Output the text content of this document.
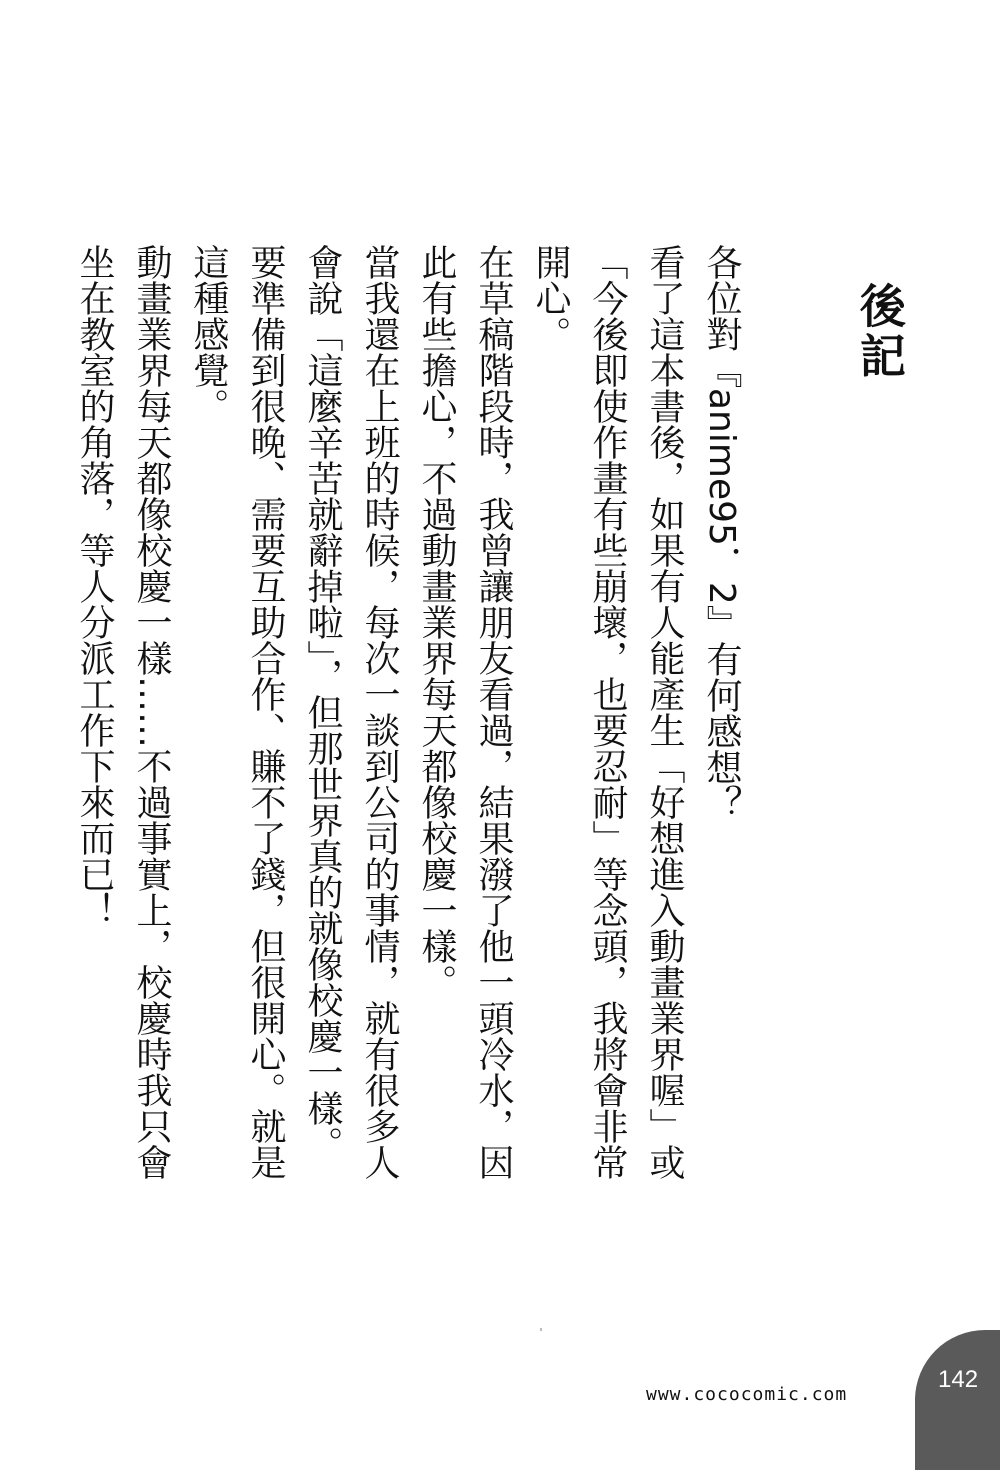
後記

各位對『anime95．2』有何感想？

看了這本書後，如果有人能產生「好想進入動畫業界喔」或「今後即使作畫有些崩壞，也要忍耐」等念頭，我將會非常開心。

在草稿階段時，我曾讓朋友看過，結果潑了他一頭冷水，因此有些擔心，不過動畫業界每天都像校慶一樣。

當我還在上班的時候，每次一談到公司的事情，就有很多人會說「這麼辛苦就辭掉啦」，但那世界真的就像校慶一樣。

要準備到很晚、需要互助合作、賺不了錢，但很開心。就是這種感覺。

動畫業界每天都像校慶一樣……不過事實上，校慶時我只會坐在教室的角落，等人分派工作下來而已！

www.cococomic.com
142
